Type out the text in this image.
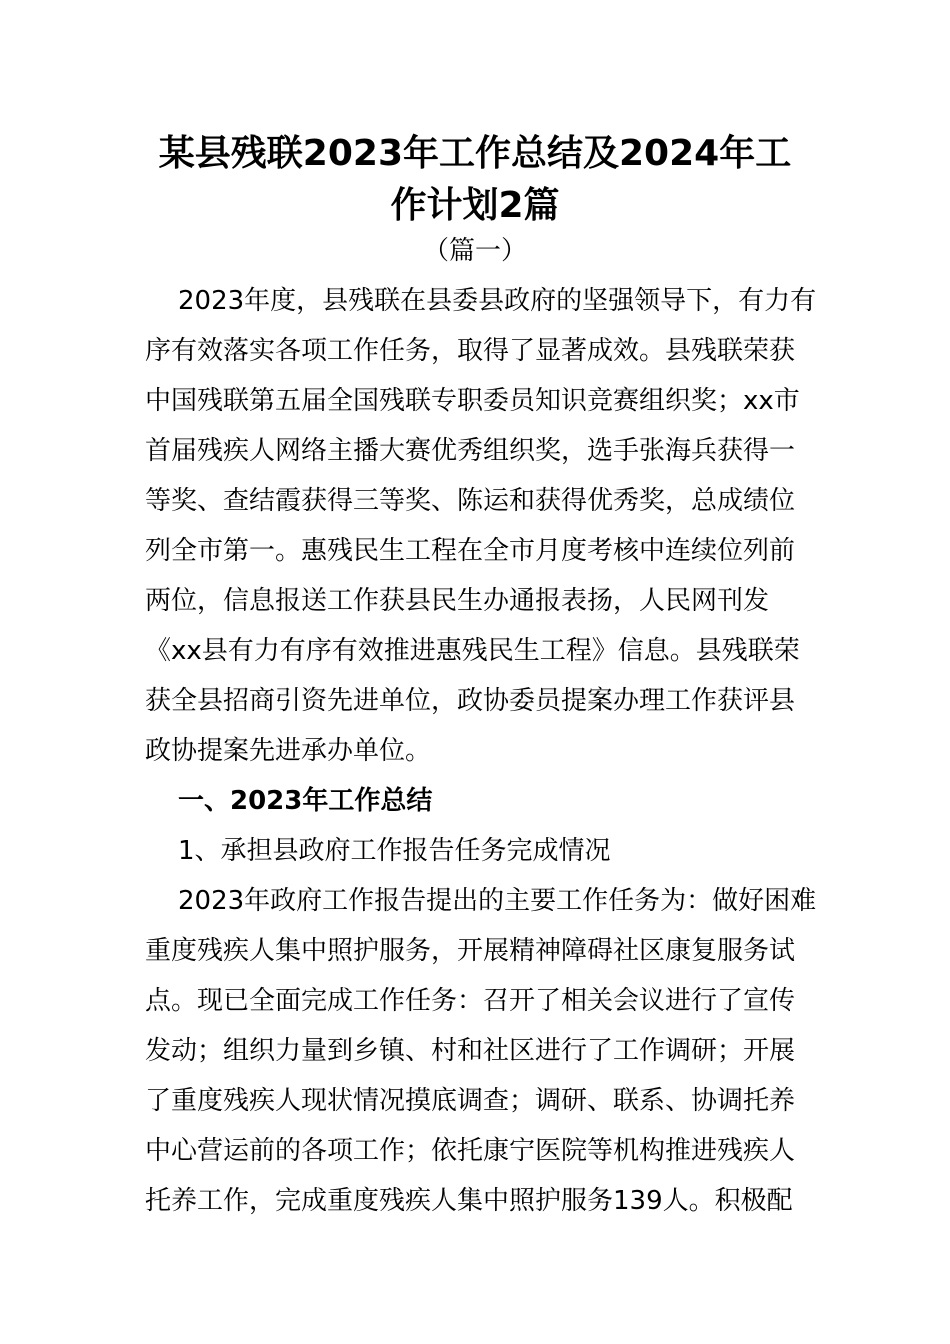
某县残联2023年工作总结及2024年工
作计划2篇

（篇一）

2023年度，县残联在县委县政府的坚强领导下，有力有

序有效落实各项工作任务，取得了显著成效。县残联荣获

中国残联第五届全国残联专职委员知识竞赛组织奖；xx市

首届残疾人网络主播大赛优秀组织奖，选手张海兵获得一

等奖、查结霞获得三等奖、陈运和获得优秀奖，总成绩位

列全市第一。惠残民生工程在全市月度考核中连续位列前

两位，信息报送工作获县民生办通报表扬，人民网刊发

《xx县有力有序有效推进惠残民生工程》信息。县残联荣

获全县招商引资先进单位，政协委员提案办理工作获评县

政协提案先进承办单位。

一、2023年工作总结

1、承担县政府工作报告任务完成情况

2023年政府工作报告提出的主要工作任务为：做好困难

重度残疾人集中照护服务，开展精神障碍社区康复服务试

点。现已全面完成工作任务：召开了相关会议进行了宣传

发动；组织力量到乡镇、村和社区进行了工作调研；开展

了重度残疾人现状情况摸底调查；调研、联系、协调托养

中心营运前的各项工作；依托康宁医院等机构推进残疾人

托养工作，完成重度残疾人集中照护服务139人。积极配
